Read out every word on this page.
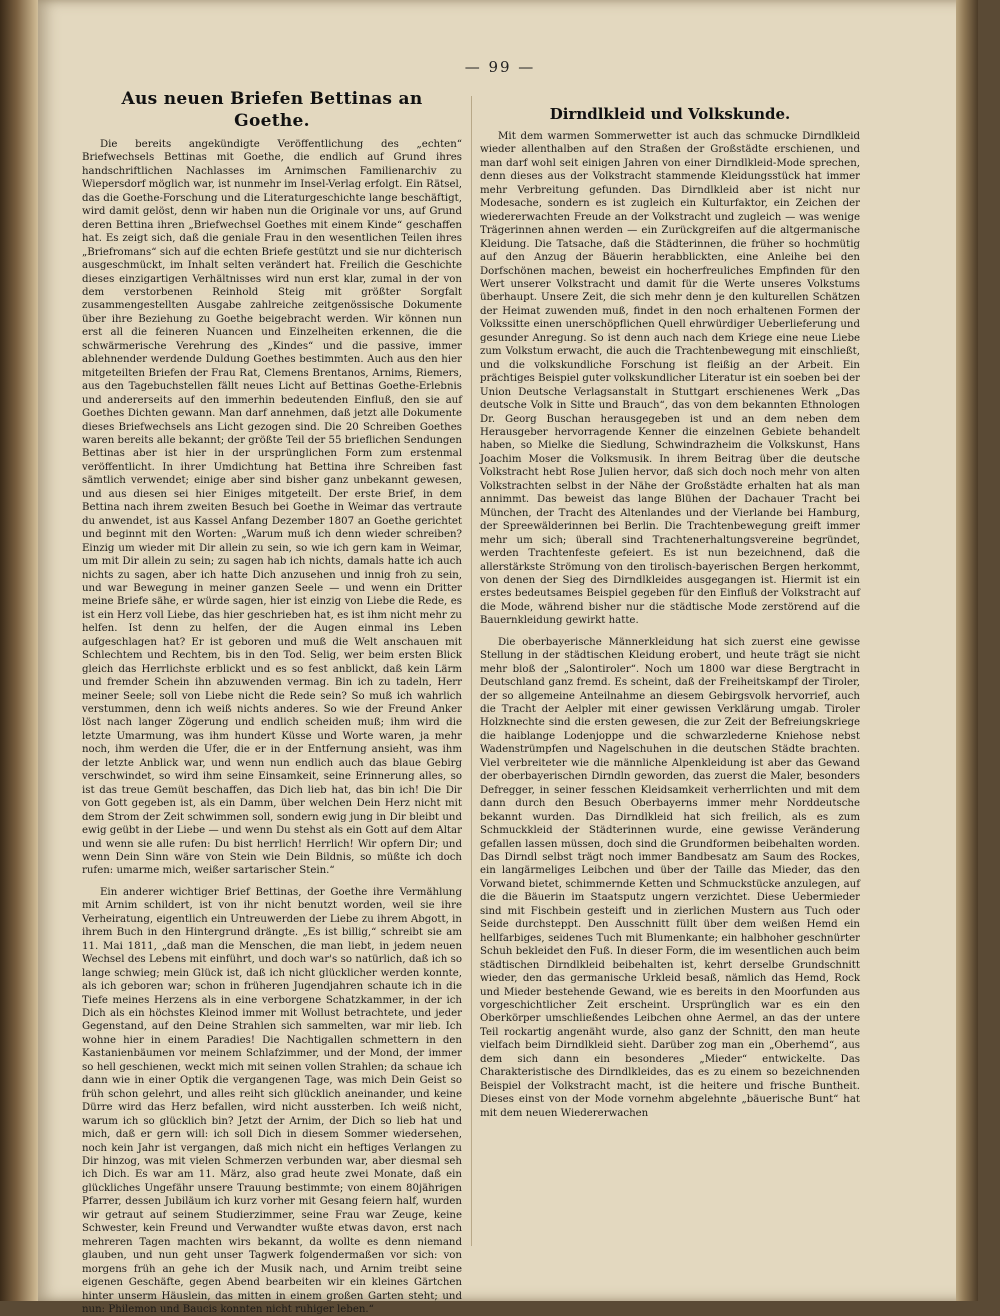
— 99 —
Aus neuen Briefen Bettinas an Goethe.

Die bereits angekündigte Veröffentlichung des „echten“ Briefwechsels Bettinas mit Goethe, die endlich auf Grund ihres handschriftlichen Nachlasses im Arnimschen Familienarchiv zu Wiepersdorf möglich war, ist nunmehr im Insel-Verlag erfolgt. Ein Rätsel, das die Goethe-Forschung und die Literaturgeschichte lange beschäftigt, wird damit gelöst, denn wir haben nun die Originale vor uns, auf Grund deren Bettina ihren „Briefwechsel Goethes mit einem Kinde“ geschaffen hat. Es zeigt sich, daß die geniale Frau in den wesentlichen Teilen ihres „Briefromans“ sich auf die echten Briefe gestützt und sie nur dichterisch ausgeschmückt, im Inhalt selten verändert hat. Freilich die Geschichte dieses einzigartigen Verhältnisses wird nun erst klar, zumal in der von dem verstorbenen Reinhold Steig mit größter Sorgfalt zusammengestellten Ausgabe zahlreiche zeitgenössische Dokumente über ihre Beziehung zu Goethe beigebracht werden. Wir können nun erst all die feineren Nuancen und Einzelheiten erkennen, die die schwärmerische Verehrung des „Kindes“ und die passive, immer ablehnender werdende Duldung Goethes bestimmten. Auch aus den hier mitgeteilten Briefen der Frau Rat, Clemens Brentanos, Arnims, Riemers, aus den Tagebuchstellen fällt neues Licht auf Bettinas Goethe-Erlebnis und andererseits auf den immerhin bedeutenden Einfluß, den sie auf Goethes Dichten gewann. Man darf annehmen, daß jetzt alle Dokumente dieses Briefwechsels ans Licht gezogen sind. Die 20 Schreiben Goethes waren bereits alle bekannt; der größte Teil der 55 brieflichen Sendungen Bettinas aber ist hier in der ursprünglichen Form zum erstenmal veröffentlicht. In ihrer Umdichtung hat Bettina ihre Schreiben fast sämtlich verwendet; einige aber sind bisher ganz unbekannt gewesen, und aus diesen sei hier Einiges mitgeteilt. Der erste Brief, in dem Bettina nach ihrem zweiten Besuch bei Goethe in Weimar das vertraute du anwendet, ist aus Kassel Anfang Dezember 1807 an Goethe gerichtet und beginnt mit den Worten: „Warum muß ich denn wieder schreiben? Einzig um wieder mit Dir allein zu sein, so wie ich gern kam in Weimar, um mit Dir allein zu sein; zu sagen hab ich nichts, damals hatte ich auch nichts zu sagen, aber ich hatte Dich anzusehen und innig froh zu sein, und war Bewegung in meiner ganzen Seele — und wenn ein Dritter meine Briefe sähe, er würde sagen, hier ist einzig von Liebe die Rede, es ist ein Herz voll Liebe, das hier geschrieben hat, es ist ihm nicht mehr zu helfen. Ist denn zu helfen, der die Augen einmal ins Leben aufgeschlagen hat? Er ist geboren und muß die Welt anschauen mit Schlechtem und Rechtem, bis in den Tod. Selig, wer beim ersten Blick gleich das Herrlichste erblickt und es so fest anblickt, daß kein Lärm und fremder Schein ihn abzuwenden vermag. Bin ich zu tadeln, Herr meiner Seele; soll von Liebe nicht die Rede sein? So muß ich wahrlich verstummen, denn ich weiß nichts anderes. So wie der Freund Anker löst nach langer Zögerung und endlich scheiden muß; ihm wird die letzte Umarmung, was ihm hundert Küsse und Worte waren, ja mehr noch, ihm werden die Ufer, die er in der Entfernung ansieht, was ihm der letzte Anblick war, und wenn nun endlich auch das blaue Gebirg verschwindet, so wird ihm seine Einsamkeit, seine Erinnerung alles, so ist das treue Gemüt beschaffen, das Dich lieb hat, das bin ich! Die Dir von Gott gegeben ist, als ein Damm, über welchen Dein Herz nicht mit dem Strom der Zeit schwimmen soll, sondern ewig jung in Dir bleibt und ewig geübt in der Liebe — und wenn Du stehst als ein Gott auf dem Altar und wenn sie alle rufen: Du bist herrlich! Herrlich! Wir opfern Dir; und wenn Dein Sinn wäre von Stein wie Dein Bildnis, so müßte ich doch rufen: umarme mich, weißer sartarischer Stein.“

Ein anderer wichtiger Brief Bettinas, der Goethe ihre Vermählung mit Arnim schildert, ist von ihr nicht benutzt worden, weil sie ihre Verheiratung, eigentlich ein Untreuwerden der Liebe zu ihrem Abgott, in ihrem Buch in den Hintergrund drängte. „Es ist billig,“ schreibt sie am 11. Mai 1811, „daß man die Menschen, die man liebt, in jedem neuen Wechsel des Lebens mit einführt, und doch war's so natürlich, daß ich so lange schwieg; mein Glück ist, daß ich nicht glücklicher werden konnte, als ich geboren war; schon in früheren Jugendjahren schaute ich in die Tiefe meines Herzens als in eine verborgene Schatzkammer, in der ich Dich als ein höchstes Kleinod immer mit Wollust betrachtete, und jeder Gegenstand, auf den Deine Strahlen sich sammelten, war mir lieb. Ich wohne hier in einem Paradies! Die Nachtigallen schmettern in den Kastanienbäumen vor meinem Schlafzimmer, und der Mond, der immer so hell geschienen, weckt mich mit seinen vollen Strahlen; da schaue ich dann wie in einer Optik die vergangenen Tage, was mich Dein Geist so früh schon gelehrt, und alles reiht sich glücklich aneinander, und keine Dürre wird das Herz befallen, wird nicht aussterben. Ich weiß nicht, warum ich so glücklich bin? Jetzt der Arnim, der Dich so lieb hat und mich, daß er gern will: ich soll Dich in diesem Sommer wiedersehen, noch kein Jahr ist vergangen, daß mich nicht ein heftiges Verlangen zu Dir hinzog, was mit vielen Schmerzen verbunden war, aber diesmal seh ich Dich. Es war am 11. März, also grad heute zwei Monate, daß ein glückliches Ungefähr unsere Trauung bestimmte; von einem 80jährigen Pfarrer, dessen Jubiläum ich kurz vorher mit Gesang feiern half, wurden wir getraut auf seinem Studierzimmer, seine Frau war Zeuge, keine Schwester, kein Freund und Verwandter wußte etwas davon, erst nach mehreren Tagen machten wirs bekannt, da wollte es denn niemand glauben, und nun geht unser Tagwerk folgendermaßen vor sich: von morgens früh an gehe ich der Musik nach, und Arnim treibt seine eigenen Geschäfte, gegen Abend bearbeiten wir ein kleines Gärtchen hinter unserm Häuslein, das mitten in einem großen Garten steht; und nun: Philemon und Baucis konnten nicht ruhiger leben.“

Dirndlkleid und Volkskunde.

Mit dem warmen Sommerwetter ist auch das schmucke Dirndlkleid wieder allenthalben auf den Straßen der Großstädte erschienen, und man darf wohl seit einigen Jahren von einer Dirndlkleid-Mode sprechen, denn dieses aus der Volkstracht stammende Kleidungsstück hat immer mehr Verbreitung gefunden. Das Dirndlkleid aber ist nicht nur Modesache, sondern es ist zugleich ein Kulturfaktor, ein Zeichen der wiedererwachten Freude an der Volkstracht und zugleich — was wenige Trägerinnen ahnen werden — ein Zurückgreifen auf die altgermanische Kleidung. Die Tatsache, daß die Städterinnen, die früher so hochmütig auf den Anzug der Bäuerin herabblickten, eine Anleihe bei den Dorfschönen machen, beweist ein hocherfreuliches Empfinden für den Wert unserer Volkstracht und damit für die Werte unseres Volkstums überhaupt. Unsere Zeit, die sich mehr denn je den kulturellen Schätzen der Heimat zuwenden muß, findet in den noch erhaltenen Formen der Volkssitte einen unerschöpflichen Quell ehrwürdiger Ueberlieferung und gesunder Anregung. So ist denn auch nach dem Kriege eine neue Liebe zum Volkstum erwacht, die auch die Trachtenbewegung mit einschließt, und die volkskundliche Forschung ist fleißig an der Arbeit. Ein prächtiges Beispiel guter volkskundlicher Literatur ist ein soeben bei der Union Deutsche Verlagsanstalt in Stuttgart erschienenes Werk „Das deutsche Volk in Sitte und Brauch“, das von dem bekannten Ethnologen Dr. Georg Buschan herausgegeben ist und an dem neben dem Herausgeber hervorragende Kenner die einzelnen Gebiete behandelt haben, so Mielke die Siedlung, Schwindrazheim die Volkskunst, Hans Joachim Moser die Volksmusik. In ihrem Beitrag über die deutsche Volkstracht hebt Rose Julien hervor, daß sich doch noch mehr von alten Volkstrachten selbst in der Nähe der Großstädte erhalten hat als man annimmt. Das beweist das lange Blühen der Dachauer Tracht bei München, der Tracht des Altenlandes und der Vierlande bei Hamburg, der Spreewälderinnen bei Berlin. Die Trachtenbewegung greift immer mehr um sich; überall sind Trachtenerhaltungsvereine begründet, werden Trachtenfeste gefeiert. Es ist nun bezeichnend, daß die allerstärkste Strömung von den tirolisch-bayerischen Bergen herkommt, von denen der Sieg des Dirndlkleides ausgegangen ist. Hiermit ist ein erstes bedeutsames Beispiel gegeben für den Einfluß der Volkstracht auf die Mode, während bisher nur die städtische Mode zerstörend auf die Bauernkleidung gewirkt hatte.

Die oberbayerische Männerkleidung hat sich zuerst eine gewisse Stellung in der städtischen Kleidung erobert, und heute trägt sie nicht mehr bloß der „Salontiroler“. Noch um 1800 war diese Bergtracht in Deutschland ganz fremd. Es scheint, daß der Freiheitskampf der Tiroler, der so allgemeine Anteilnahme an diesem Gebirgsvolk hervorrief, auch die Tracht der Aelpler mit einer gewissen Verklärung umgab. Tiroler Holzknechte sind die ersten gewesen, die zur Zeit der Befreiungskriege die haiblange Lodenjoppe und die schwarzlederne Kniehose nebst Wadenstrümpfen und Nagelschuhen in die deutschen Städte brachten. Viel verbreiteter wie die männliche Alpenkleidung ist aber das Gewand der oberbayerischen Dirndln geworden, das zuerst die Maler, besonders Defregger, in seiner fesschen Kleidsamkeit verherrlichten und mit dem dann durch den Besuch Oberbayerns immer mehr Norddeutsche bekannt wurden. Das Dirndlkleid hat sich freilich, als es zum Schmuckkleid der Städterinnen wurde, eine gewisse Veränderung gefallen lassen müssen, doch sind die Grundformen beibehalten worden. Das Dirndl selbst trägt noch immer Bandbesatz am Saum des Rockes, ein langärmeliges Leibchen und über der Taille das Mieder, das den Vorwand bietet, schimmernde Ketten und Schmuckstücke anzulegen, auf die die Bäuerin im Staatsputz ungern verzichtet. Diese Uebermieder sind mit Fischbein gesteift und in zierlichen Mustern aus Tuch oder Seide durchsteppt. Den Ausschnitt füllt über dem weißen Hemd ein hellfarbiges, seidenes Tuch mit Blumenkante; ein halbhoher geschnürter Schuh bekleidet den Fuß. In dieser Form, die im wesentlichen auch beim städtischen Dirndlkleid beibehalten ist, kehrt derselbe Grundschnitt wieder, den das germanische Urkleid besaß, nämlich das Hemd, Rock und Mieder bestehende Gewand, wie es bereits in den Moorfunden aus vorgeschichtlicher Zeit erscheint. Ursprünglich war es ein den Oberkörper umschließendes Leibchen ohne Aermel, an das der untere Teil rockartig angenäht wurde, also ganz der Schnitt, den man heute vielfach beim Dirndlkleid sieht. Darüber zog man ein „Oberhemd“, aus dem sich dann ein besonderes „Mieder“ entwickelte. Das Charakteristische des Dirndlkleides, das es zu einem so bezeichnenden Beispiel der Volkstracht macht, ist die heitere und frische Buntheit. Dieses einst von der Mode vornehm abgelehnte „bäuerische Bunt“ hat mit dem neuen Wiedererwachen
